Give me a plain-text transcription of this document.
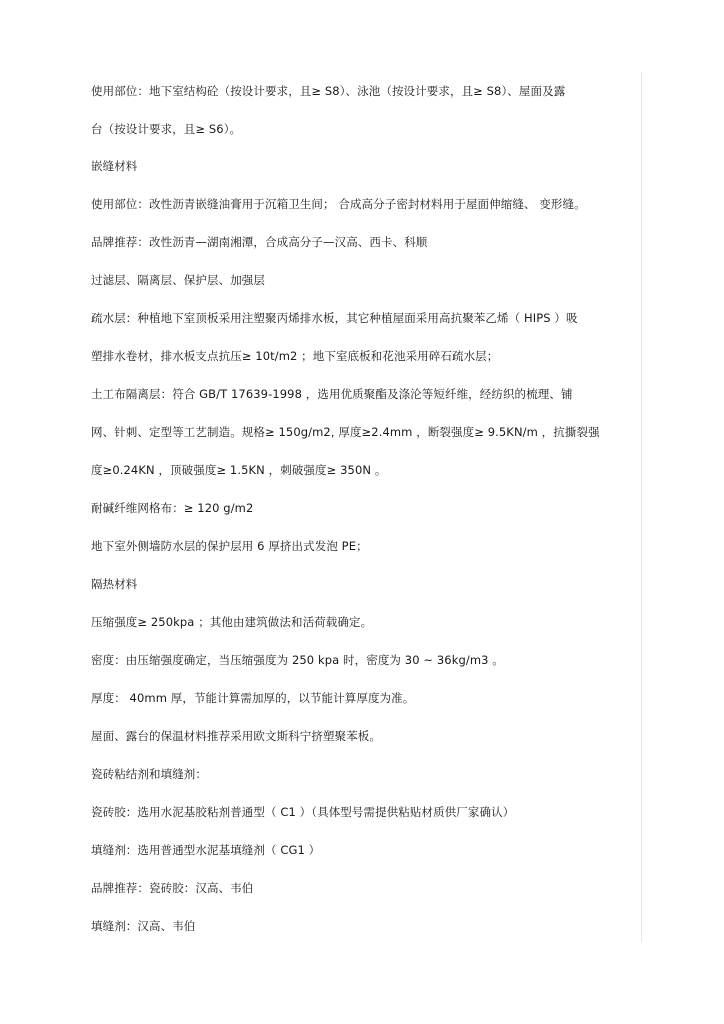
使用部位：地下室结构砼（按设计要求，且≥ S8）、泳池（按设计要求，且≥ S8）、屋面及露
台（按设计要求，且≥ S6）。
嵌缝材料
使用部位：改性沥青嵌缝油膏用于沉箱卫生间； 合成高分子密封材料用于屋面伸缩缝、 变形缝。
品牌推荐：改性沥青—湖南湘潭，合成高分子—汉高、西卡、科顺
过滤层、隔离层、保护层、加强层
疏水层：种植地下室顶板采用注塑聚丙烯排水板，其它种植屋面采用高抗聚苯乙烯（ HIPS ）吸
塑排水卷材，排水板支点抗压≥ 10t/m2 ；地下室底板和花池采用碎石疏水层；
土工布隔离层：符合 GB/T 17639-1998 ，选用优质聚酯及涤沦等短纤维，经纺织的梳理、铺
网、针刺、定型等工艺制造。规格≥ 150g/m2, 厚度≥2.4mm ，断裂强度≥ 9.5KN/m ，抗撕裂强
度≥0.24KN ，顶破强度≥ 1.5KN ，刺破强度≥ 350N 。
耐碱纤维网格布：≥ 120 g/m2
地下室外侧墙防水层的保护层用 6 厚挤出式发泡 PE；
隔热材料
压缩强度≥ 250kpa ；其他由建筑做法和活荷载确定。
密度：由压缩强度确定，当压缩强度为 250 kpa 时，密度为 30 ~ 36kg/m3 。
厚度： 40mm 厚，节能计算需加厚的，以节能计算厚度为准。
屋面、露台的保温材料推荐采用欧文斯科宁挤塑聚苯板。
瓷砖粘结剂和填缝剂：
瓷砖胶：选用水泥基胶粘剂普通型（ C1 ）（具体型号需提供粘贴材质供厂家确认）
填缝剂：选用普通型水泥基填缝剂（ CG1 ）
品牌推荐：瓷砖胶：汉高、韦伯
填缝剂：汉高、韦伯
